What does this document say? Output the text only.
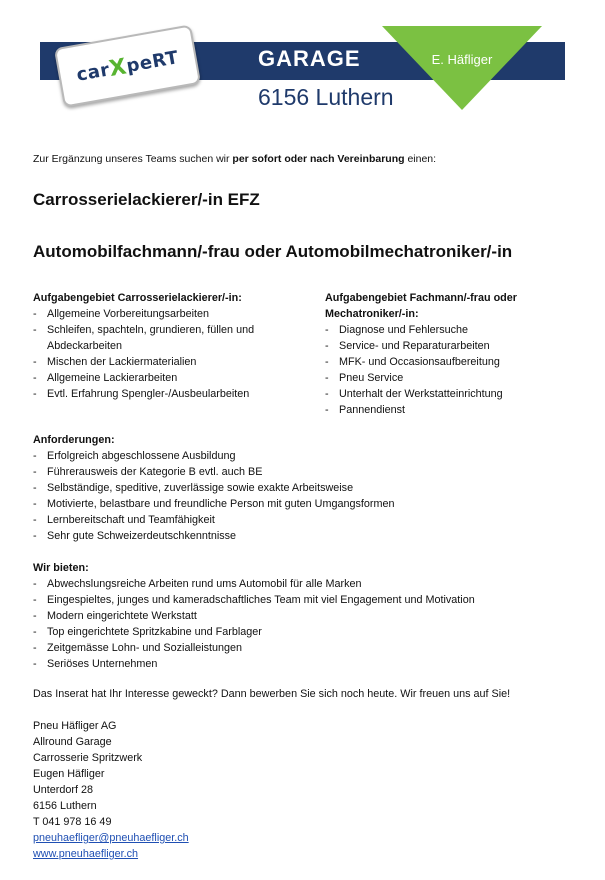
car
X
peRT	GARAGE
6156 Luthern
E. Häfliger
Zur Ergänzung unseres Teams suchen wir per sofort oder nach Vereinbarung einen:
Carrosserielackierer/-in EFZ
Automobilfachmann/-frau oder Automobilmechatroniker/-in
Aufgabengebiet Carrosserielackierer/-in:
- Allgemeine Vorbereitungsarbeiten
- Schleifen, spachteln, grundieren, füllen und Abdeckarbeiten
- Mischen der Lackiermaterialien
- Allgemeine Lackierarbeiten
- Evtl. Erfahrung Spengler-/Ausbeularbeiten
Aufgabengebiet Fachmann/-frau oder Mechatroniker/-in:
- Diagnose und Fehlersuche
- Service- und Reparaturarbeiten
- MFK- und Occasionsaufbereitung
- Pneu Service
- Unterhalt der Werkstatteinrichtung
- Pannendienst
Anforderungen:
- Erfolgreich abgeschlossene Ausbildung
- Führerausweis der Kategorie B evtl. auch BE
- Selbständige, speditive, zuverlässige sowie exakte Arbeitsweise
- Motivierte, belastbare und freundliche Person mit guten Umgangsformen
- Lernbereitschaft und Teamfähigkeit
- Sehr gute Schweizerdeutschkenntnisse
Wir bieten:
- Abwechslungsreiche Arbeiten rund ums Automobil für alle Marken
- Eingespieltes, junges und kameradschaftliches Team mit viel Engagement und Motivation
- Modern eingerichtete Werkstatt
- Top eingerichtete Spritzkabine und Farblager
- Zeitgemässe Lohn- und Sozialleistungen
- Seriöses Unternehmen
Das Inserat hat Ihr Interesse geweckt? Dann bewerben Sie sich noch heute. Wir freuen uns auf Sie!
Pneu Häfliger AG
Allround Garage
Carrosserie Spritzwerk
Eugen Häfliger
Unterdorf 28
6156 Luthern
T 041 978 16 49
pneuhaefliger@pneuhaefliger.ch
www.pneuhaefliger.ch
